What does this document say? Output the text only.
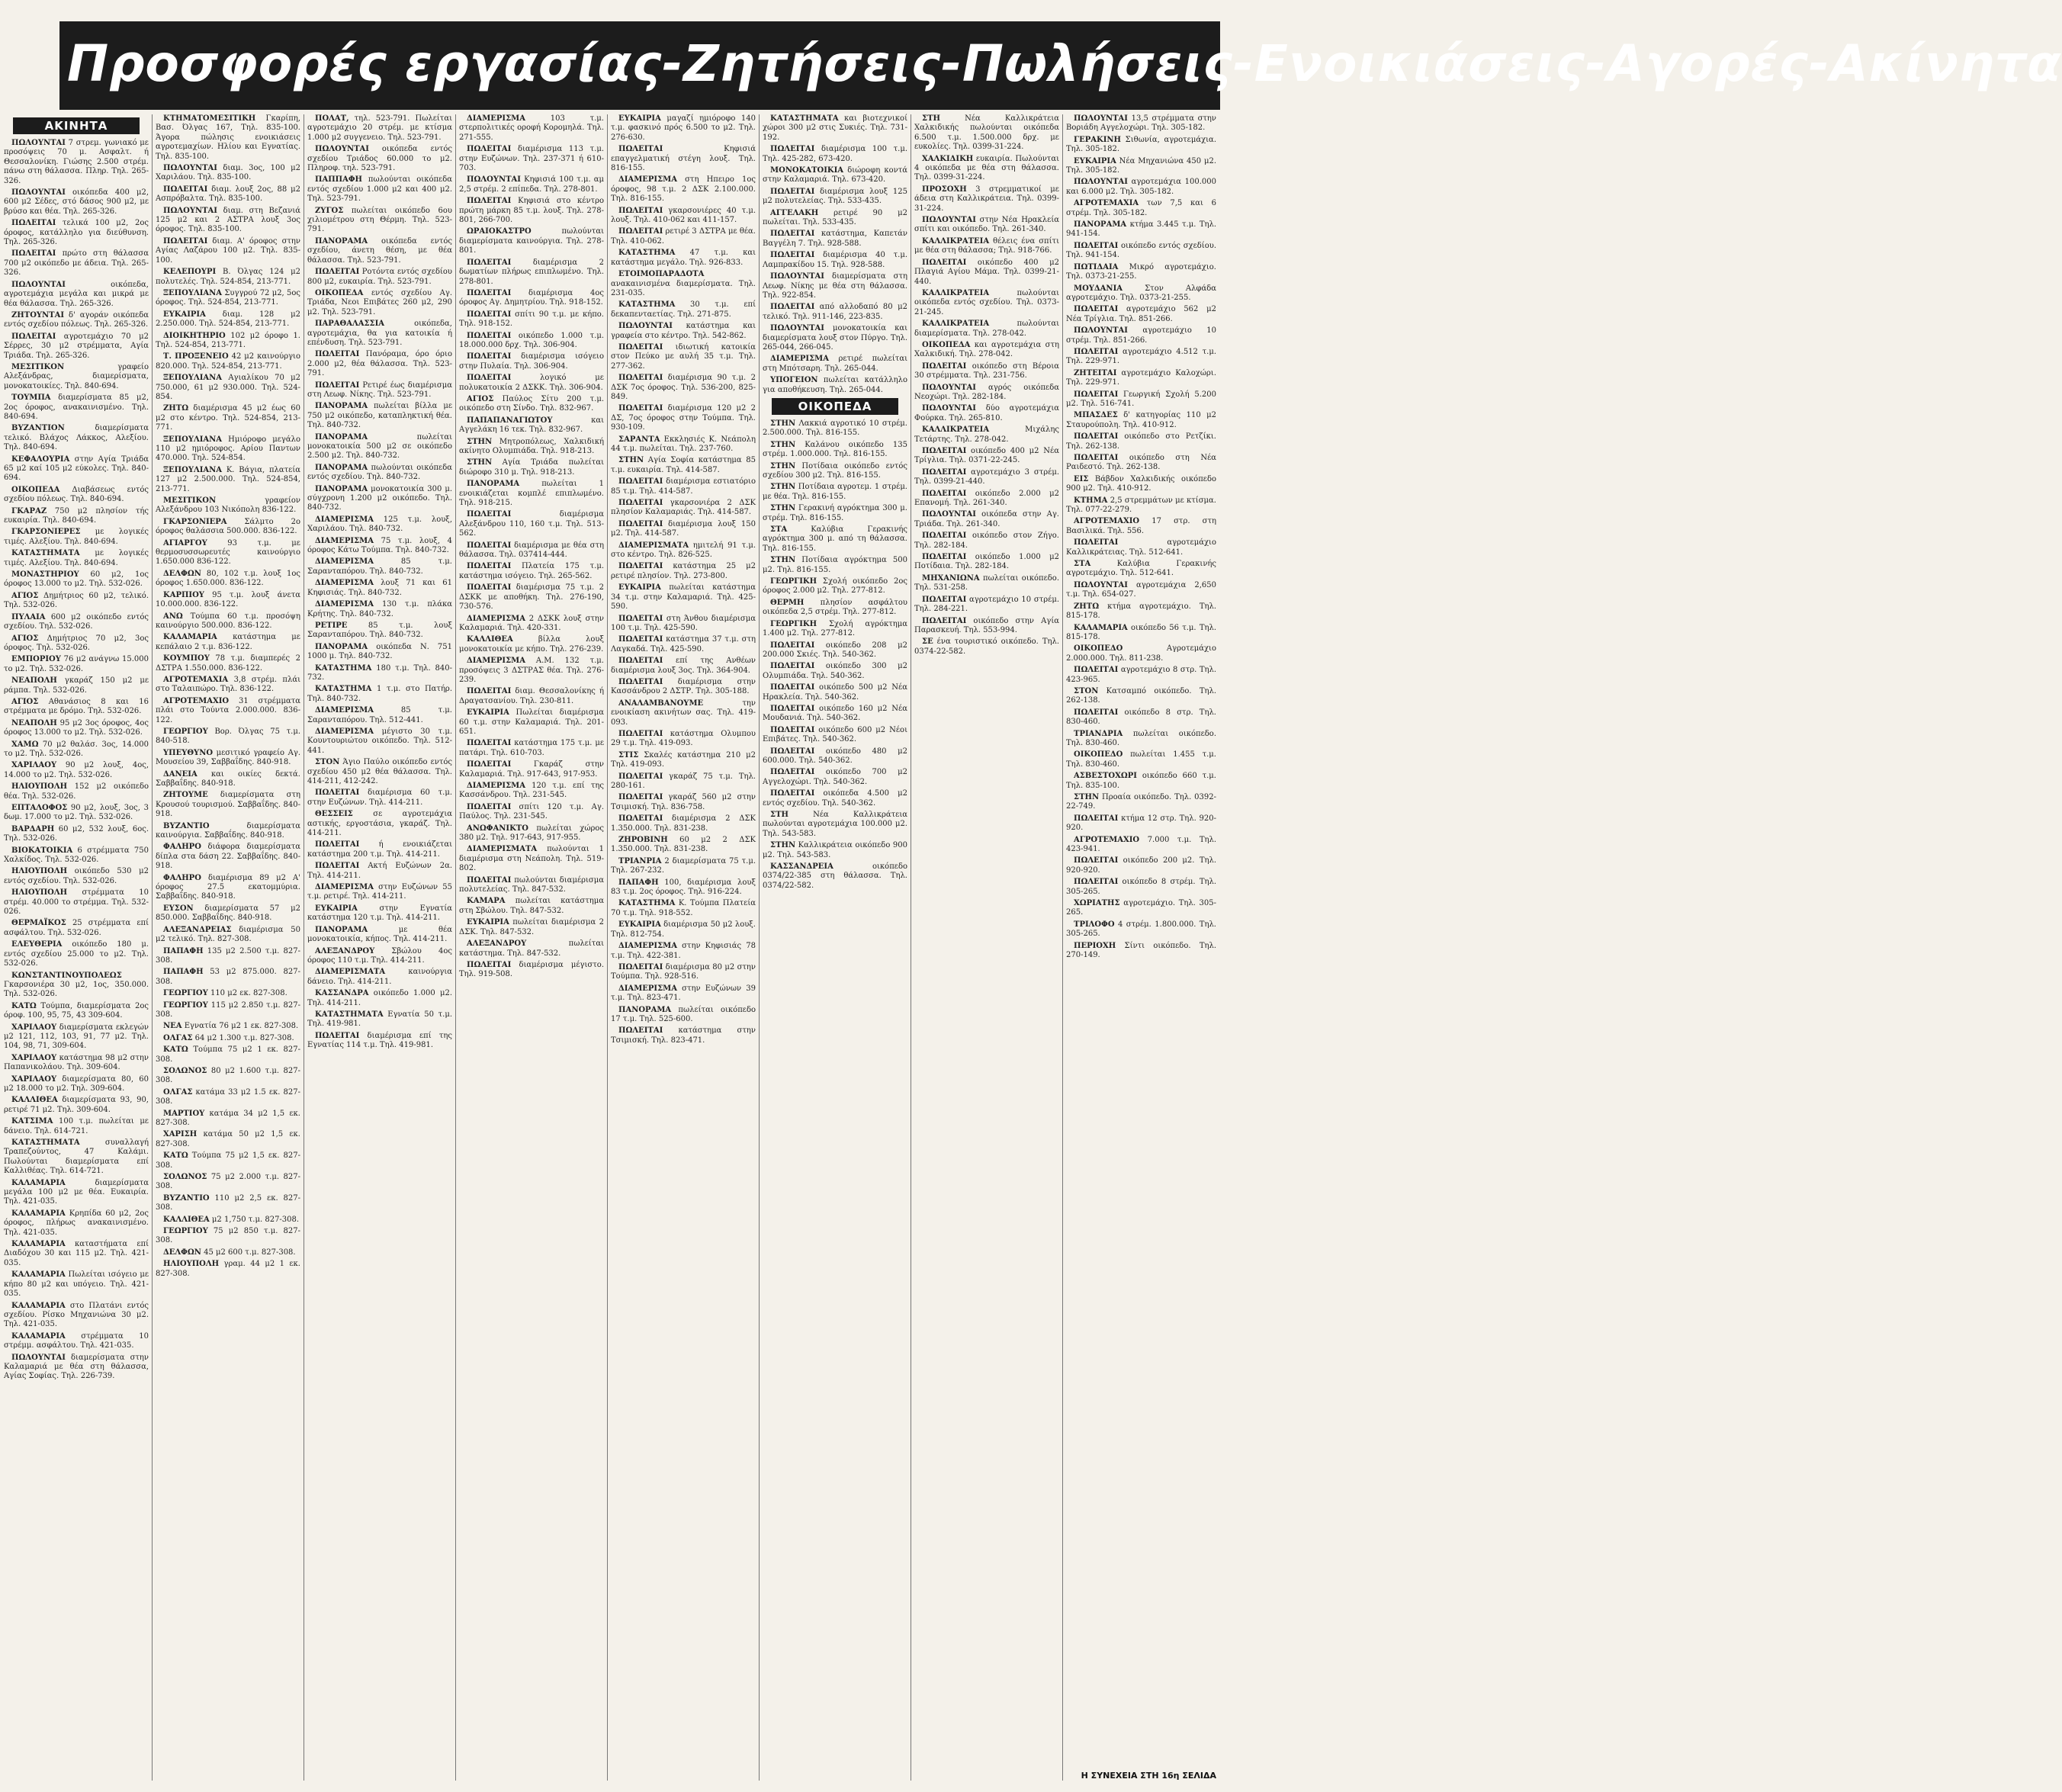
Προσφορές εργασίας-Ζητήσεις-Πωλήσεις-Ενοικιάσεις-Αγορές-Ακίνητα
ΑΚΙΝΗΤΑ

ΠΩΛΟΥΝΤΑΙ 7 στρεμ. γωνιακό με προσόψεις 70 μ. Ασφαλτ. ή Θεσσαλονίκη. Γιώσης 2.500 στρέμ. πάνω στη θάλασσα. Πληρ. Τηλ. 265-326.

ΠΩΛΟΥΝΤΑΙ οικόπεδα 400 μ2, 600 μ2 Σέδες, στό δάσος 900 μ2, με βρύσο και θέα. Τηλ. 265-326.

ΠΩΛΕΙΤΑΙ τελικά 100 μ2, 2ος όροφος, κατάλληλο για διεύθυνση. Τηλ. 265-326.

ΠΩΛΕΙΤΑΙ πρώτο στη θάλασσα 700 μ2 οικόπεδο με άδεια. Τηλ. 265-326.

ΠΩΛΟΥΝΤΑΙ οικόπεδα, αγροτεμάχια μεγάλα και μικρά με θέα θάλασσα. Τηλ. 265-326.

ΖΗΤΟΥΝΤΑΙ δ' αγοράν οικόπεδα εντός σχεδίου πόλεως. Τηλ. 265-326.

ΠΩΛΕΙΤΑΙ αγροτεμάχιο 70 μ2 Σέρρες, 30 μ2 στρέμματα, Αγία Τριάδα. Τηλ. 265-326.

ΜΕΣΙΤΙΚΟΝ γραφείο Αλεξάνδρας, διαμερίσματα, μονοκατοικίες. Τηλ. 840-694.

ΤΟΥΜΠΑ διαμερίσματα 85 μ2, 2ος όροφος, ανακαινισμένο. Τηλ. 840-694.

ΒΥΖΑΝΤΙΟΝ διαμερίσματα τελικό. Βλάχος Λάκκος, Αλεξίου. Τηλ. 840-694.

ΚΕΦΑΛΟΥΡΙΑ στην Αγία Τριάδα 65 μ2 καί 105 μ2 εύκολες. Τηλ. 840-694.

ΟΙΚΟΠΕΔΑ Διαβάσεως εντός σχεδίου πόλεως. Τηλ. 840-694.

ΓΚΑΡΑΖ 750 μ2 πλησίον τής ευκαιρία. Τηλ. 840-694.

ΓΚΑΡΣΟΝΙΕΡΕΣ με λογικές τιμές. Αλεξίου. Τηλ. 840-694.

ΚΑΤΑΣΤΗΜΑΤΑ με λογικές τιμές. Αλεξίου. Τηλ. 840-694.

ΜΟΝΑΣΤΗΡΙΟΥ 60 μ2, 1ος όροφος 13.000 το μ2. Τηλ. 532-026.

ΑΓΙΟΣ Δημήτριος 60 μ2, τελικό. Τηλ. 532-026.

ΠΥΛΑΙΑ 600 μ2 οικόπεδο εντός σχεδίου. Τηλ. 532-026.

ΑΓΙΟΣ Δημήτριος 70 μ2, 3ος όροφος. Τηλ. 532-026.

ΕΜΠΟΡΙΟΥ 76 μ2 ανάγνω 15.000 το μ2. Τηλ. 532-026.

ΝΕΑΠΟΛΗ γκαράζ 150 μ2 με ράμπα. Τηλ. 532-026.

ΑΓΙΟΣ Αθανάσιος 8 και 16 στρέμματα με δρόμο. Τηλ. 532-026.

ΝΕΑΠΟΛΗ 95 μ2 3ος όροφος, 4ος όροφος 13.000 το μ2. Τηλ. 532-026.

ΧΑΜΩ 70 μ2 θαλάσ. 3ος, 14.000 το μ2. Τηλ. 532-026.

ΧΑΡΙΛΑΟΥ 90 μ2 λουξ, 4ος, 14.000 το μ2. Τηλ. 532-026.

ΗΛΙΟΥΠΟΛΗ 152 μ2 οικόπεδο θέα. Τηλ. 532-026.

ΕΠΤΑΛΟΦΟΣ 90 μ2, λουξ, 3ος, 3 δωμ. 17.000 το μ2. Τηλ. 532-026.

ΒΑΡΔΑΡΗ 60 μ2, 532 λουξ, 6ος. Τηλ. 532-026.

ΒΙΟΚΑΤΟΙΚΙΑ 6 στρέμματα 750 Χαλκίδος. Τηλ. 532-026.

ΗΛΙΟΥΠΟΛΗ οικόπεδο 530 μ2 εντός σχεδίου. Τηλ. 532-026.

ΗΛΙΟΥΠΟΛΗ στρέμματα 10 στρέμ. 40.000 το στρέμμα. Τηλ. 532-026.

ΘΕΡΜΑΪΚΟΣ 25 στρέμματα επί ασφάλτου. Τηλ. 532-026.

ΕΛΕΥΘΕΡΙΑ οικόπεδο 180 μ. εντός σχεδίου 25.000 το μ2. Τηλ. 532-026.

ΚΩΝΣΤΑΝΤΙΝΟΥΠΟΛΕΩΣ Γκαρσονιέρα 30 μ2, 1ος, 350.000. Τηλ. 532-026.

ΚΑΤΩ Τούμπα, διαμερίσματα 2ος όροφ. 100, 95, 75, 43 309-604.

ΧΑΡΙΛΑΟΥ διαμερίσματα εκλεγών μ2 121, 112, 103, 91, 77 μ2. Τηλ. 104, 98, 71, 309-604.

ΧΑΡΙΛΑΟΥ κατάστημα 98 μ2 στην Παπανικολάου. Τηλ. 309-604.

ΧΑΡΙΛΑΟΥ διαμερίσματα 80, 60 μ2 18.000 το μ2. Τηλ. 309-604.

ΚΑΛΛΙΘΕΑ διαμερίσματα 93, 90, ρετιρέ 71 μ2. Τηλ. 309-604.

ΚΑΤΣΙΜΑ 100 τ.μ. πωλείται με δάνειο. Τηλ. 614-721.

ΚΑΤΑΣΤΗΜΑΤΑ συναλλαγή Τραπεζούντος, 47 Καλάμι. Πωλούνται διαμερίσματα επί Καλλιθέας. Τηλ. 614-721.

ΚΑΛΑΜΑΡΙΑ διαμερίσματα μεγάλα 100 μ2 με θέα. Ευκαιρία. Τηλ. 421-035.

ΚΑΛΑΜΑΡΙΑ Κρηπίδα 60 μ2, 2ος όροφος, πλήρως ανακαινισμένο. Τηλ. 421-035.

ΚΑΛΑΜΑΡΙΑ καταστήματα επί Διαδόχου 30 και 115 μ2. Τηλ. 421-035.

ΚΑΛΑΜΑΡΙΑ Πωλείται ισόγειο με κήπο 80 μ2 και υπόγειο. Τηλ. 421-035.

ΚΑΛΑΜΑΡΙΑ στο Πλατάνι εντός σχεδίου. Ρίσκο Μηχανιώνα 30 μ2. Τηλ. 421-035.

ΚΑΛΑΜΑΡΙΑ στρέμματα 10 στρέμμ. ασφάλτου. Τηλ. 421-035.

ΠΩΛΟΥΝΤΑΙ διαμερίσματα στην Καλαμαριά με θέα στη θάλασσα, Αγίας Σοφίας. Τηλ. 226-739.

ΚΤΗΜΑΤΟΜΕΣΙΤΙΚΗ Γκαρίπη, Βασ. Όλγας 167, Τηλ. 835-100. Άγορα πώλησις ενοικιάσεις αγροτεμαχίων. Ηλίου και Εγνατίας. Τηλ. 835-100.

ΠΩΛΟΥΝΤΑΙ διαμ. 3ος, 100 μ2 Χαριλάου. Τηλ. 835-100.

ΠΩΛΕΙΤΑΙ διαμ. λουξ 2ος, 88 μ2 Ασπρόβαλτα. Τηλ. 835-100.

ΠΩΛΟΥΝΤΑΙ διαμ. στη Βεζανιά 125 μ2 και 2 ΑΣΤΡΑ λουξ 3ος όροφος. Τηλ. 835-100.

ΠΩΛΕΙΤΑΙ διαμ. Α' όροφος στην Αγίας Λαζάρου 100 μ2. Τηλ. 835-100.

ΚΕΛΕΠΟΥΡΙ Β. Όλγας 124 μ2 πολυτελές. Τηλ. 524-854, 213-771.

ΞΕΠΟΥΛΙΑΝΑ Συγγρού 72 μ2, 5ος όροφος. Τηλ. 524-854, 213-771.

ΕΥΚΑΙΡΙΑ διαμ. 128 μ2 2.250.000. Τηλ. 524-854, 213-771.

ΔΙΟΙΚΗΤΗΡΙΟ 102 μ2 όροφο 1. Τηλ. 524-854, 213-771.

Τ. ΠΡΟΞΕΝΕΙΟ 42 μ2 καινούργιο 820.000. Τηλ. 524-854, 213-771.

ΞΕΠΟΥΛΙΑΝΑ Αγιαλίκου 70 μ2 750.000, 61 μ2 930.000. Τηλ. 524-854.

ΖΗΤΩ διαμέρισμα 45 μ2 έως 60 μ2 στο κέντρο. Τηλ. 524-854, 213-771.

ΞΕΠΟΥΛΙΑΝΑ Ημιόροφο μεγάλο 110 μ2 ημιόροφος. Αρίου Παντων 470.000. Τηλ. 524-854.

ΞΕΠΟΥΛΙΑΝΑ Κ. Βάγια, πλατεία 127 μ2 2.500.000. Τηλ. 524-854, 213-771.

ΜΕΣΙΤΙΚΟΝ γραφείον Αλεξάνδρου 103 Νικόπολη 836-122.

ΓΚΑΡΣΟΝΙΕΡΑ Σάλμτο 2ο όροφος θαλάσσια 500.000. 836-122.

ΑΓΙΑΡΓΟΥ 93 τ.μ. με θερμοσυσσωρευτές καινούργιο 1.650.000 836-122.

ΔΕΛΦΩΝ 80, 102 τ.μ. λουξ 1ος όροφος 1.650.000. 836-122.

ΚΑΡΠΙΟΥ 95 τ.μ. λουξ άνετα 10.000.000. 836-122.

ΑΝΩ Τούμπα 60 τ.μ. προσόψη καινούργιο 500.000. 836-122.

ΚΑΛΑΜΑΡΙΑ κατάστημα με κεπάλαιο 2 τ.μ. 836-122.

ΚΟΥΜΠΟΥ 78 τ.μ. διαμπερές 2 ΔΣΤΡΑ 1.550.000. 836-122.

ΑΓΡΟΤΕΜΑΧΙΑ 3,8 στρέμ. πλάι στο Ταλαιπώρο. Τηλ. 836-122.

ΑΓΡΟΤΕΜΑΧΙΟ 31 στρέμματα πλάι στο Τούντα 2.000.000. 836-122.

ΓΕΩΡΓΙΟΥ Βορ. Όλγας 75 τ.μ. 840-518.

ΥΠΕΥΘΥΝΟ μεσιτικό γραφείο Αγ. Μουσείου 39, Σαββαΐδης. 840-918.

ΔΑΝΕΙΑ και οικίες δεκτά. Σαββαΐδης. 840-918.

ΖΗΤΟΥΜΕ διαμερίσματα στη Κρουσού τουρισμού. Σαββαΐδης. 840-918.

ΒΥΖΑΝΤΙΟ διαμερίσματα καινούργια. Σαββαΐδης. 840-918.

ΦΑΛΗΡΟ διάφορα διαμερίσματα δίπλα στα δάση 22. Σαββαΐδης. 840-918.

ΦΑΛΗΡΟ διαμέρισμα 89 μ2 Α' όροφος 27.5 εκατομμύρια. Σαββαΐδης. 840-918.

ΕΥΣΟΝ διαμερίσματα 57 μ2 850.000. Σαββαΐδης. 840-918.

ΑΛΕΞΑΝΔΡΕΙΑΣ διαμέρισμα 50 μ2 τελικό. Τηλ. 827-308.

ΠΑΠΑΦΗ 135 μ2 2.500 τ.μ. 827-308.

ΠΑΠΑΦΗ 53 μ2 875.000. 827-308.

ΓΕΩΡΓΙΟΥ 110 μ2 εκ. 827-308.

ΓΕΩΡΓΙΟΥ 115 μ2 2.850 τ.μ. 827-308.

ΝΕΑ Εγνατία 76 μ2 1 εκ. 827-308.

ΟΛΓΑΣ 64 μ2 1.300 τ.μ. 827-308.

ΚΑΤΩ Τούμπα 75 μ2 1 εκ. 827-308.

ΣΟΛΩΝΟΣ 80 μ2 1.600 τ.μ. 827-308.

ΟΛΓΑΣ κατάμα 33 μ2 1.5 εκ. 827-308.

ΜΑΡΤΙΟΥ κατάμα 34 μ2 1,5 εκ. 827-308.

ΧΑΡΙΣΗ κατάμα 50 μ2 1,5 εκ. 827-308.

ΚΑΤΩ Τούμπα 75 μ2 1,5 εκ. 827-308.

ΣΟΛΩΝΟΣ 75 μ2 2.000 τ.μ. 827-308.

ΒΥΖΑΝΤΙΟ 110 μ2 2,5 εκ. 827-308.

ΚΑΛΛΙΘΕΑ μ2 1,750 τ.μ. 827-308.

ΓΕΩΡΓΙΟΥ 75 μ2 850 τ.μ. 827-308.

ΔΕΛΦΩΝ 45 μ2 600 τ.μ. 827-308.

ΗΛΙΟΥΠΟΛΗ γραμ. 44 μ2 1 εκ. 827-308.

ΠΟΛΑΤ, τηλ. 523-791. Πωλείται αγροτεμάχιο 20 στρέμ. με κτίσμα 1.000 μ2 συγγενειο. Τηλ. 523-791.

ΠΩΛΟΥΝΤΑΙ οικόπεδα εντός σχεδίου Τριάδος 60.000 το μ2. Πληροφ. τηλ. 523-791.

ΠΑΠΠΑΦΗ πωλούνται οικόπεδα εντός σχεδίου 1.000 μ2 και 400 μ2. Τηλ. 523-791.

ΖΥΓΟΣ πωλείται οικόπεδο 6ου χιλιομέτρου στη Θέρμη. Τηλ. 523-791.

ΠΑΝΟΡΑΜΑ οικόπεδα εντός σχεδίου, άνετη θέση, με θέα θάλασσα. Τηλ. 523-791.

ΠΩΛΕΙΤΑΙ Ροτόντα εντός σχεδίου 800 μ2, ευκαιρία. Τηλ. 523-791.

ΟΙΚΟΠΕΔΑ εντός σχεδίου Αγ. Τριάδα, Νεοι Επιβάτες 260 μ2, 290 μ2. Τηλ. 523-791.

ΠΑΡΑΘΑΛΑΣΣΙΑ οικόπεδα, αγροτεμάχια, θα για κατοικία ή επένδυση. Τηλ. 523-791.

ΠΩΛΕΙΤΑΙ Πανόραμα, όρο όριο 2.000 μ2, θέα θάλασσα. Τηλ. 523-791.

ΠΩΛΕΙΤΑΙ Ρετιρέ έως διαμέρισμα στη Λεωφ. Νίκης. Τηλ. 523-791.

ΠΑΝΟΡΑΜΑ πωλείται βίλλα με 750 μ2 οικόπεδο, καταπληκτική θέα. Τηλ. 840-732.

ΠΑΝΟΡΑΜΑ πωλείται μονοκατοικία 500 μ2 σε οικόπεδο 2.500 μ2. Τηλ. 840-732.

ΠΑΝΟΡΑΜΑ πωλούνται οικόπεδα εντός σχεδίου. Τηλ. 840-732.

ΠΑΝΟΡΑΜΑ μονοκατοικία 300 μ. σύγχρονη 1.200 μ2 οικόπεδο. Τηλ. 840-732.

ΔΙΑΜΕΡΙΣΜΑ 125 τ.μ. λουξ, Χαριλάου. Τηλ. 840-732.

ΔΙΑΜΕΡΙΣΜΑ 75 τ.μ. λουξ, 4 όροφος Κάτω Τούμπα. Τηλ. 840-732.

ΔΙΑΜΕΡΙΣΜΑ 85 τ.μ. Σαρανταπόρου. Τηλ. 840-732.

ΔΙΑΜΕΡΙΣΜΑ λουξ 71 και 61 Κηφισιάς. Τηλ. 840-732.

ΔΙΑΜΕΡΙΣΜΑ 130 τ.μ. πλάκα Κρήτης. Τηλ. 840-732.

ΡΕΤΙΡΕ 85 τ.μ. λουξ Σαρανταπόρου. Τηλ. 840-732.

ΠΑΝΟΡΑΜΑ οικόπεδα Ν. 751 1000 μ. Τηλ. 840-732.

ΚΑΤΑΣΤΗΜΑ 180 τ.μ. Τηλ. 840-732.

ΚΑΤΑΣΤΗΜΑ 1 τ.μ. στο Πατήρ. Τηλ. 840-732.

ΔΙΑΜΕΡΙΣΜΑ 85 τ.μ. Σαρανταπόρου. Τηλ. 512-441.

ΔΙΑΜΕΡΙΣΜΑ μέγιστο 30 τ.μ. Κουντουριώτου οικόπεδο. Τηλ. 512-441.

ΣΤΟΝ Άγιο Παύλο οικόπεδο εντός σχεδίου 450 μ2 θέα θάλασσα. Τηλ. 414-211, 412-242.

ΠΩΛΕΙΤΑΙ διαμέρισμα 60 τ.μ. στην Ευζώνων. Τηλ. 414-211.

ΘΕΣΣΕΙΣ σε αγροτεμάχια αστικής, εργοστάσια, γκαράζ. Τηλ. 414-211.

ΠΩΛΕΙΤΑΙ ή ενοικιάζεται κατάστημα 200 τ.μ. Τηλ. 414-211.

ΠΩΛΕΙΤΑΙ Ακτή Ευζώνων 2α. Τηλ. 414-211.

ΔΙΑΜΕΡΙΣΜΑ στην Ευζώνων 55 τ.μ. ρετιρέ. Τηλ. 414-211.

ΕΥΚΑΙΡΙΑ στην Εγνατία κατάστημα 120 τ.μ. Τηλ. 414-211.

ΠΑΝΟΡΑΜΑ με θέα μονοκατοικία, κήπος. Τηλ. 414-211.

ΑΛΕΞΑΝΔΡΟΥ Σβώλου 4ος όροφος 110 τ.μ. Τηλ. 414-211.

ΔΙΑΜΕΡΙΣΜΑΤΑ καινούργια δάνειο. Τηλ. 414-211.

ΚΑΣΣΑΝΔΡΑ οικόπεδο 1.000 μ2. Τηλ. 414-211.

ΚΑΤΑΣΤΗΜΑΤΑ Εγνατία 50 τ.μ. Τηλ. 419-981.

ΠΩΛΕΙΤΑΙ διαμέρισμα επί της Εγνατίας 114 τ.μ. Τηλ. 419-981.

ΔΙΑΜΕΡΙΣΜΑ 103 τ.μ. στερπολιτικές οροφή Κορομηλά. Τηλ. 271-555.

ΠΩΛΕΙΤΑΙ διαμέρισμα 113 τ.μ. στην Ευζώνων. Τηλ. 237-371 ή 610-703.

ΠΩΛΟΥΝΤΑΙ Κηφισιά 100 τ.μ. αμ 2,5 στρέμ. 2 επίπεδα. Τηλ. 278-801.

ΠΩΛΕΙΤΑΙ Κηφισιά στο κέντρο πρώτη μάρκη 85 τ.μ. λουξ. Τηλ. 278-801, 266-700.

ΩΡΑΙΟΚΑΣΤΡΟ πωλούνται διαμερίσματα καινούργια. Τηλ. 278-801.

ΠΩΛΕΙΤΑΙ διαμέρισμα 2 δωματίων πλήρως επιπλωμένο. Τηλ. 278-801.

ΠΩΛΕΙΤΑΙ διαμέρισμα 4ος όροφος Αγ. Δημητρίου. Τηλ. 918-152.

ΠΩΛΕΙΤΑΙ σπίτι 90 τ.μ. με κήπο. Τηλ. 918-152.

ΠΩΛΕΙΤΑΙ οικόπεδο 1.000 τ.μ. 18.000.000 δρχ. Τηλ. 306-904.

ΠΩΛΕΙΤΑΙ διαμέρισμα ισόγειο στην Πυλαία. Τηλ. 306-904.

ΠΩΛΕΙΤΑΙ λογικό με πολυκατοικία 2 ΔΣΚΚ. Τηλ. 306-904.

ΑΓΙΟΣ Παύλος Σίτυ 200 τ.μ. οικόπεδο στη Σίνδο. Τηλ. 832-967.

ΠΑΠΑΠΑΝΑΓΙΩΤΟΥ και Αγγελάκη 16 τεκ. Τηλ. 832-967.

ΣΤΗΝ Μητροπόλεως, Χαλκιδική ακίνητο Ολυμπιάδα. Τηλ. 918-213.

ΣΤΗΝ Αγία Τριάδα πωλείται διώροφο 310 μ. Τηλ. 918-213.

ΠΑΝΟΡΑΜΑ πωλείται 1 ενοικιάζεται κομπλέ επιπλωμένο. Τηλ. 918-215.

ΠΩΛΕΙΤΑΙ διαμέρισμα Αλεξάνδρου 110, 160 τ.μ. Τηλ. 513-562.

ΠΩΛΕΙΤΑΙ διαμέρισμα με θέα στη θάλασσα. Τηλ. 037414-444.

ΠΩΛΕΙΤΑΙ Πλατεία 175 τ.μ. κατάστημα ισόγειο. Τηλ. 265-562.

ΠΩΛΕΙΤΑΙ διαμέρισμα 75 τ.μ. 2 ΔΣΚΚ με αποθήκη. Τηλ. 276-190, 730-576.

ΔΙΑΜΕΡΙΣΜΑ 2 ΔΣΚΚ λουξ στην Καλαμαριά. Τηλ. 420-331.

ΚΑΛΛΙΘΕΑ βίλλα λουξ μονοκατοικία με κήπο. Τηλ. 276-239.

ΔΙΑΜΕΡΙΣΜΑ Α.Μ. 132 τ.μ. προσόψεις 3 ΔΣΤΡΑΣ θέα. Τηλ. 276-239.

ΠΩΛΕΙΤΑΙ διαμ. Θεσσαλονίκης ή Δραγατσανίου. Τηλ. 230-811.

ΕΥΚΑΙΡΙΑ Πωλείται διαμέρισμα 60 τ.μ. στην Καλαμαριά. Τηλ. 201-651.

ΠΩΛΕΙΤΑΙ κατάστημα 175 τ.μ. με πατάρι. Τηλ. 610-703.

ΠΩΛΕΙΤΑΙ Γκαράζ στην Καλαμαριά. Τηλ. 917-643, 917-953.

ΔΙΑΜΕΡΙΣΜΑ 120 τ.μ. επί της Κασσάνδρου. Τηλ. 231-545.

ΠΩΛΕΙΤΑΙ σπίτι 120 τ.μ. Αγ. Παύλος. Τηλ. 231-545.

ΑΝΩΦΑΝΙΚΤΟ πωλείται χώρος 380 μ2. Τηλ. 917-643, 917-955.

ΔΙΑΜΕΡΙΣΜΑΤΑ πωλούνται 1 διαμέρισμα στη Νεάπολη. Τηλ. 519-802.

ΠΩΛΕΙΤΑΙ πωλούνται διαμέρισμα πολυτελείας. Τηλ. 847-532.

ΚΑΜΑΡΑ πωλείται κατάστημα στη Σβώλου. Τηλ. 847-532.

ΕΥΚΑΙΡΙΑ πωλείται διαμέρισμα 2 ΔΣΚ. Τηλ. 847-532.

ΑΛΕΞΑΝΔΡΟΥ πωλείται κατάστημα. Τηλ. 847-532.

ΠΩΛΕΙΤΑΙ διαμέρισμα μέγιστο. Τηλ. 919-508.

ΕΥΚΑΙΡΙΑ μαγαζί ημιόροφο 140 τ.μ. φασκινό πρός 6.500 το μ2. Τηλ. 276-630.

ΠΩΛΕΙΤΑΙ Κηφισιά επαγγελματική στέγη λουξ. Τηλ. 816-155.

ΔΙΑΜΕΡΙΣΜΑ στη Ηπειρο 1ος όροφος, 98 τ.μ. 2 ΔΣΚ 2.100.000. Τηλ. 816-155.

ΠΩΛΕΙΤΑΙ γκαρσονιέρες 40 τ.μ. λουξ. Τηλ. 410-062 και 411-157.

ΠΩΛΕΙΤΑΙ ρετιρέ 3 ΔΣΤΡΑ με θέα. Τηλ. 410-062.

ΚΑΤΑΣΤΗΜΑ 47 τ.μ. και κατάστημα μεγάλο. Τηλ. 926-833.

ΕΤΟΙΜΟΠΑΡΑΔΟΤΑ ανακαινισμένα διαμερίσματα. Τηλ. 231-035.

ΚΑΤΑΣΤΗΜΑ 30 τ.μ. επί δεκαπενταετίας. Τηλ. 271-875.

ΠΩΛΟΥΝΤΑΙ κατάστημα και γραφεία στο κέντρο. Τηλ. 542-862.

ΠΩΛΕΙΤΑΙ ιδιωτική κατοικία στον Πεύκο με αυλή 35 τ.μ. Τηλ. 277-362.

ΠΩΛΕΙΤΑΙ διαμέρισμα 90 τ.μ. 2 ΔΣΚ 7ος όροφος. Τηλ. 536-200, 825-849.

ΠΩΛΕΙΤΑΙ διαμέρισμα 120 μ2 2 ΔΣ, 7ος όροφος στην Τούμπα. Τηλ. 930-109.

ΣΑΡΑΝΤΑ Εκκλησιές Κ. Νεάπολη 44 τ.μ. πωλείται. Τηλ. 237-760.

ΣΤΗΝ Αγία Σοφία κατάστημα 85 τ.μ. ευκαιρία. Τηλ. 414-587.

ΠΩΛΕΙΤΑΙ διαμέρισμα εστιατόριο 85 τ.μ. Τηλ. 414-587.

ΠΩΛΕΙΤΑΙ γκαρσονιέρα 2 ΔΣΚ πλησίον Καλαμαριάς. Τηλ. 414-587.

ΠΩΛΕΙΤΑΙ διαμέρισμα λουξ 150 μ2. Τηλ. 414-587.

ΔΙΑΜΕΡΙΣΜΑΤΑ ημιτελή 91 τ.μ. στο κέντρο. Τηλ. 826-525.

ΠΩΛΕΙΤΑΙ κατάστημα 25 μ2 ρετιρέ πλησίον. Τηλ. 273-800.

ΕΥΚΑΙΡΙΑ πωλείται κατάστημα 34 τ.μ. στην Καλαμαριά. Τηλ. 425-590.

ΠΩΛΕΙΤΑΙ στη Άνθου διαμέρισμα 100 τ.μ. Τηλ. 425-590.

ΠΩΛΕΙΤΑΙ κατάστημα 37 τ.μ. στη Λαγκαδά. Τηλ. 425-590.

ΠΩΛΕΙΤΑΙ επί της Ανθέων διαμέρισμα λουξ 3ος. Τηλ. 364-904.

ΠΩΛΕΙΤΑΙ διαμέρισμα στην Κασσάνδρου 2 ΔΣΤΡ. Τηλ. 305-188.

ΑΝΑΛΑΜΒΑΝΟΥΜΕ την ενοικίαση ακινήτων σας. Τηλ. 419-093.

ΠΩΛΕΙΤΑΙ κατάστημα Ολυμπου 29 τ.μ. Τηλ. 419-093.

ΣΤΙΣ Σκαλές κατάστημα 210 μ2 Τηλ. 419-093.

ΠΩΛΕΙΤΑΙ γκαράζ 75 τ.μ. Τηλ. 280-161.

ΠΩΛΕΙΤΑΙ γκαράζ 560 μ2 στην Τσιμισκή. Τηλ. 836-758.

ΠΩΛΕΙΤΑΙ διαμέρισμα 2 ΔΣΚ 1.350.000. Τηλ. 831-238.

ΖΗΡΟΒΙΝΗ 60 μ2 2 ΔΣΚ 1.350.000. Τηλ. 831-238.

ΤΡΙΑΝΡΙΑ 2 διαμερίσματα 75 τ.μ. Τηλ. 267-232.

ΠΑΠΑΦΗ 100, διαμέρισμα λουξ 83 τ.μ. 2ος όροφος. Τηλ. 916-224.

ΚΑΤΑΣΤΗΜΑ Κ. Τούμπα Πλατεία 70 τ.μ. Τηλ. 918-552.

ΕΥΚΑΙΡΙΑ διαμέρισμα 50 μ2 λουξ. Τηλ. 812-754.

ΔΙΑΜΕΡΙΣΜΑ στην Κηφισιάς 78 τ.μ. Τηλ. 422-381.

ΠΩΛΕΙΤΑΙ διαμέρισμα 80 μ2 στην Τούμπα. Τηλ. 928-516.

ΔΙΑΜΕΡΙΣΜΑ στην Ευζώνων 39 τ.μ. Τηλ. 823-471.

ΠΑΝΟΡΑΜΑ πωλείται οικόπεδο 17 τ.μ. Τηλ. 525-600.

ΠΩΛΕΙΤΑΙ κατάστημα στην Τσιμισκή. Τηλ. 823-471.

ΚΑΤΑΣΤΗΜΑΤΑ και βιοτεχνικοί χώροι 300 μ2 στις Συκιές. Τηλ. 731-192.

ΠΩΛΕΙΤΑΙ διαμέρισμα 100 τ.μ. Τηλ. 425-282, 673-420.

ΜΟΝΟΚΑΤΟΙΚΙΑ διώροφη κοντά στην Καλαμαριά. Τηλ. 673-420.

ΠΩΛΕΙΤΑΙ διαμέρισμα λουξ 125 μ2 πολυτελείας. Τηλ. 533-435.

ΑΓΓΕΛΑΚΗ ρετιρέ 90 μ2 πωλείται. Τηλ. 533-435.

ΠΩΛΕΙΤΑΙ κατάστημα, Καπετάν Βαγγέλη 7. Τηλ. 928-588.

ΠΩΛΕΙΤΑΙ διαμέρισμα 40 τ.μ. Λαμπρακίδου 15. Τηλ. 928-588.

ΠΩΛΟΥΝΤΑΙ διαμερίσματα στη Λεωφ. Νίκης με θέα στη θάλασσα. Τηλ. 922-854.

ΠΩΛΕΙΤΑΙ από αλλοδαπό 80 μ2 τελικό. Τηλ. 911-146, 223-835.

ΠΩΛΟΥΝΤΑΙ μονοκατοικία και διαμερίσματα λουξ στον Πύργο. Τηλ. 265-044, 266-045.

ΔΙΑΜΕΡΙΣΜΑ ρετιρέ πωλείται στη Μπότσαρη. Τηλ. 265-044.

ΥΠΟΓΕΙΟΝ πωλείται κατάλληλο για αποθήκευση. Τηλ. 265-044.

ΟΙΚΟΠΕΔΑ

ΣΤΗΝ Λακκιά αγροτικό 10 στρέμ. 2.500.000. Τηλ. 816-155.

ΣΤΗΝ Καλάνου οικόπεδο 135 στρέμ. 1.000.000. Τηλ. 816-155.

ΣΤΗΝ Ποτίδαια οικόπεδο εντός σχεδίου 300 μ2. Τηλ. 816-155.

ΣΤΗΝ Ποτίδαια αγροτεμ. 1 στρέμ. με θέα. Τηλ. 816-155.

ΣΤΗΝ Γερακινή αγρόκτημα 300 μ. στρέμ. Τηλ. 816-155.

ΣΤΑ Καλύβια Γερακινής αγρόκτημα 300 μ. από τη θάλασσα. Τηλ. 816-155.

ΣΤΗΝ Ποτίδαια αγρόκτημα 500 μ2. Τηλ. 816-155.

ΓΕΩΡΓΙΚΗ Σχολή οικόπεδο 2ος όροφος 2.000 μ2. Τηλ. 277-812.

ΘΕΡΜΗ πλησίον ασφάλτου οικόπεδα 2,5 στρέμ. Τηλ. 277-812.

ΓΕΩΡΓΙΚΗ Σχολή αγρόκτημα 1.400 μ2. Τηλ. 277-812.

ΠΩΛΕΙΤΑΙ οικόπεδο 208 μ2 200.000 Σκιές. Τηλ. 540-362.

ΠΩΛΕΙΤΑΙ οικόπεδο 300 μ2 Ολυμπιάδα. Τηλ. 540-362.

ΠΩΛΕΙΤΑΙ οικόπεδο 500 μ2 Νέα Ηρακλεία. Τηλ. 540-362.

ΠΩΛΕΙΤΑΙ οικόπεδο 160 μ2 Νέα Μουδανιά. Τηλ. 540-362.

ΠΩΛΕΙΤΑΙ οικόπεδο 600 μ2 Νέοι Επιβάτες. Τηλ. 540-362.

ΠΩΛΕΙΤΑΙ οικόπεδο 480 μ2 600.000. Τηλ. 540-362.

ΠΩΛΕΙΤΑΙ οικόπεδο 700 μ2 Αγγελοχώρι. Τηλ. 540-362.

ΠΩΛΕΙΤΑΙ οικόπεδα 4.500 μ2 εντός σχεδίου. Τηλ. 540-362.

ΣΤΗ Νέα Καλλικράτεια πωλούνται αγροτεμάχια 100.000 μ2. Τηλ. 543-583.

ΣΤΗΝ Καλλικράτεια οικόπεδο 900 μ2. Τηλ. 543-583.

ΚΑΣΣΑΝΔΡΕΙΑ οικόπεδο 0374/22-385 στη θάλασσα. Τηλ. 0374/22-582.

ΣΤΗ Νέα Καλλικράτεια Χαλκιδικής πωλούνται οικόπεδα 6.500 τ.μ. 1.500.000 δρχ. με ευκολίες. Τηλ. 0399-31-224.

ΧΑΛΚΙΔΙΚΗ ευκαιρία. Πωλούνται 4 οικόπεδα με θέα στη θάλασσα. Τηλ. 0399-31-224.

ΠΡΟΣΟΧΗ 3 στρεμματικοί με άδεια στη Καλλικράτεια. Τηλ. 0399-31-224.

ΠΩΛΟΥΝΤΑΙ στην Νέα Ηρακλεία σπίτι και οικόπεδο. Τηλ. 261-340.

ΚΑΛΛΙΚΡΑΤΕΙΑ θέλεις ένα σπίτι με θέα στη θάλασσα; Τηλ. 918-766.

ΠΩΛΕΙΤΑΙ οικόπεδο 400 μ2 Πλαγιά Αγίου Μάμα. Τηλ. 0399-21-440.

ΚΑΛΛΙΚΡΑΤΕΙΑ πωλούνται οικόπεδα εντός σχεδίου. Τηλ. 0373-21-245.

ΚΑΛΛΙΚΡΑΤΕΙΑ πωλούνται διαμερίσματα. Τηλ. 278-042.

ΟΙΚΟΠΕΔΑ και αγροτεμάχια στη Χαλκιδική. Τηλ. 278-042.

ΠΩΛΕΙΤΑΙ οικόπεδο στη Βέροια 30 στρέμματα. Τηλ. 231-756.

ΠΩΛΟΥΝΤΑΙ αγρός οικόπεδα Νεοχώρι. Τηλ. 282-184.

ΠΩΛΟΥΝΤΑΙ δύο αγροτεμάχια Φούρκα. Τηλ. 265-810.

ΚΑΛΛΙΚΡΑΤΕΙΑ Μιχάλης Τετάρτης. Τηλ. 278-042.

ΠΩΛΕΙΤΑΙ οικόπεδο 400 μ2 Νέα Τρίγλια. Τηλ. 0371-22-245.

ΠΩΛΕΙΤΑΙ αγροτεμάχιο 3 στρέμ. Τηλ. 0399-21-440.

ΠΩΛΕΙΤΑΙ οικόπεδο 2.000 μ2 Επανομή. Τηλ. 261-340.

ΠΩΛΟΥΝΤΑΙ οικόπεδα στην Αγ. Τριάδα. Τηλ. 261-340.

ΠΩΛΕΙΤΑΙ οικόπεδο στον Ζήγο. Τηλ. 282-184.

ΠΩΛΕΙΤΑΙ οικόπεδο 1.000 μ2 Ποτίδαια. Τηλ. 282-184.

ΜΗΧΑΝΙΩΝΑ πωλείται οικόπεδο. Τηλ. 531-258.

ΠΩΛΕΙΤΑΙ αγροτεμάχιο 10 στρέμ. Τηλ. 284-221.

ΠΩΛΕΙΤΑΙ οικόπεδο στην Αγία Παρασκευή. Τηλ. 553-994.

ΣΕ ένα τουριστικό οικόπεδο. Τηλ. 0374-22-582.

ΠΩΛΟΥΝΤΑΙ 13,5 στρέμματα στην Βοριάδη Αγγελοχώρι. Τηλ. 305-182.

ΓΕΡΑΚΙΝΗ Σιθωνία, αγροτεμάχια. Τηλ. 305-182.

ΕΥΚΑΙΡΙΑ Νέα Μηχανιώνα 450 μ2. Τηλ. 305-182.

ΠΩΛΟΥΝΤΑΙ αγροτεμάχια 100.000 και 6.000 μ2. Τηλ. 305-182.

ΑΓΡΟΤΕΜΑΧΙΑ των 7,5 και 6 στρέμ. Τηλ. 305-182.

ΠΑΝΟΡΑΜΑ κτήμα 3.445 τ.μ. Τηλ. 941-154.

ΠΩΛΕΙΤΑΙ οικόπεδο εντός σχεδίου. Τηλ. 941-154.

ΠΩΤΙΔΑΙΑ Μικρό αγροτεμάχιο. Τηλ. 0373-21-255.

ΜΟΥΔΑΝΙΑ Στον Αλφάδα αγροτεμάχιο. Τηλ. 0373-21-255.

ΠΩΛΕΙΤΑΙ αγροτεμάχιο 562 μ2 Νέα Τρίγλια. Τηλ. 851-266.

ΠΩΛΟΥΝΤΑΙ αγροτεμάχιο 10 στρέμ. Τηλ. 851-266.

ΠΩΛΕΙΤΑΙ αγροτεμάχιο 4.512 τ.μ. Τηλ. 229-971.

ΖΗΤΕΙΤΑΙ αγροτεμάχιο Καλοχώρι. Τηλ. 229-971.

ΠΩΛΕΙΤΑΙ Γεωργική Σχολή 5.200 μ2. Τηλ. 516-741.

ΜΠΑΣΔΕΣ δ' κατηγορίας 110 μ2 Σταυρούπολη. Τηλ. 410-912.

ΠΩΛΕΙΤΑΙ οικόπεδο στο Ρετζίκι. Τηλ. 262-138.

ΠΩΛΕΙΤΑΙ οικόπεδο στη Νέα Ραιδεστό. Τηλ. 262-138.

ΕΙΣ Βάβδον Χαλκιδικής οικόπεδο 900 μ2. Τηλ. 410-912.

ΚΤΗΜΑ 2,5 στρεμμάτων με κτίσμα. Τηλ. 077-22-279.

ΑΓΡΟΤΕΜΑΧΙΟ 17 στρ. στη Βασιλικά. Τηλ. 556.

ΠΩΛΕΙΤΑΙ αγροτεμάχιο Καλλικράτειας. Τηλ. 512-641.

ΣΤΑ Καλύβια Γερακινής αγροτεμάχιο. Τηλ. 512-641.

ΠΩΛΟΥΝΤΑΙ αγροτεμάχια 2,650 τ.μ. Τηλ. 654-027.

ΖΗΤΩ κτήμα αγροτεμάχιο. Τηλ. 815-178.

ΚΑΛΑΜΑΡΙΑ οικόπεδο 56 τ.μ. Τηλ. 815-178.

ΟΙΚΟΠΕΔΟ Αγροτεμάχιο 2.000.000. Τηλ. 811-238.

ΠΩΛΕΙΤΑΙ αγροτεμάχιο 8 στρ. Τηλ. 423-965.

ΣΤΟΝ Κατσαμπό οικόπεδο. Τηλ. 262-138.

ΠΩΛΕΙΤΑΙ οικόπεδο 8 στρ. Τηλ. 830-460.

ΤΡΙΑΝΔΡΙΑ πωλείται οικόπεδο. Τηλ. 830-460.

ΟΙΚΟΠΕΔΟ πωλείται 1.455 τ.μ. Τηλ. 830-460.

ΑΣΒΕΣΤΟΧΩΡΙ οικόπεδο 660 τ.μ. Τηλ. 835-100.

ΣΤΗΝ Προαία οικόπεδο. Τηλ. 0392-22-749.

ΠΩΛΕΙΤΑΙ κτήμα 12 στρ. Τηλ. 920-920.

ΑΓΡΟΤΕΜΑΧΙΟ 7.000 τ.μ. Τηλ. 423-941.

ΠΩΛΕΙΤΑΙ οικόπεδο 200 μ2. Τηλ. 920-920.

ΠΩΛΕΙΤΑΙ οικόπεδο 8 στρέμ. Τηλ. 305-265.

ΧΩΡΙΑΤΗΣ αγροτεμάχιο. Τηλ. 305-265.

ΤΡΙΛΟΦΟ 4 στρέμ. 1.800.000. Τηλ. 305-265.

ΠΕΡΙΟΧΗ Σίντι οικόπεδο. Τηλ. 270-149.

Η ΣΥΝΕΧΕΙΑ ΣΤΗ 16η ΣΕΛΙΔΑ
